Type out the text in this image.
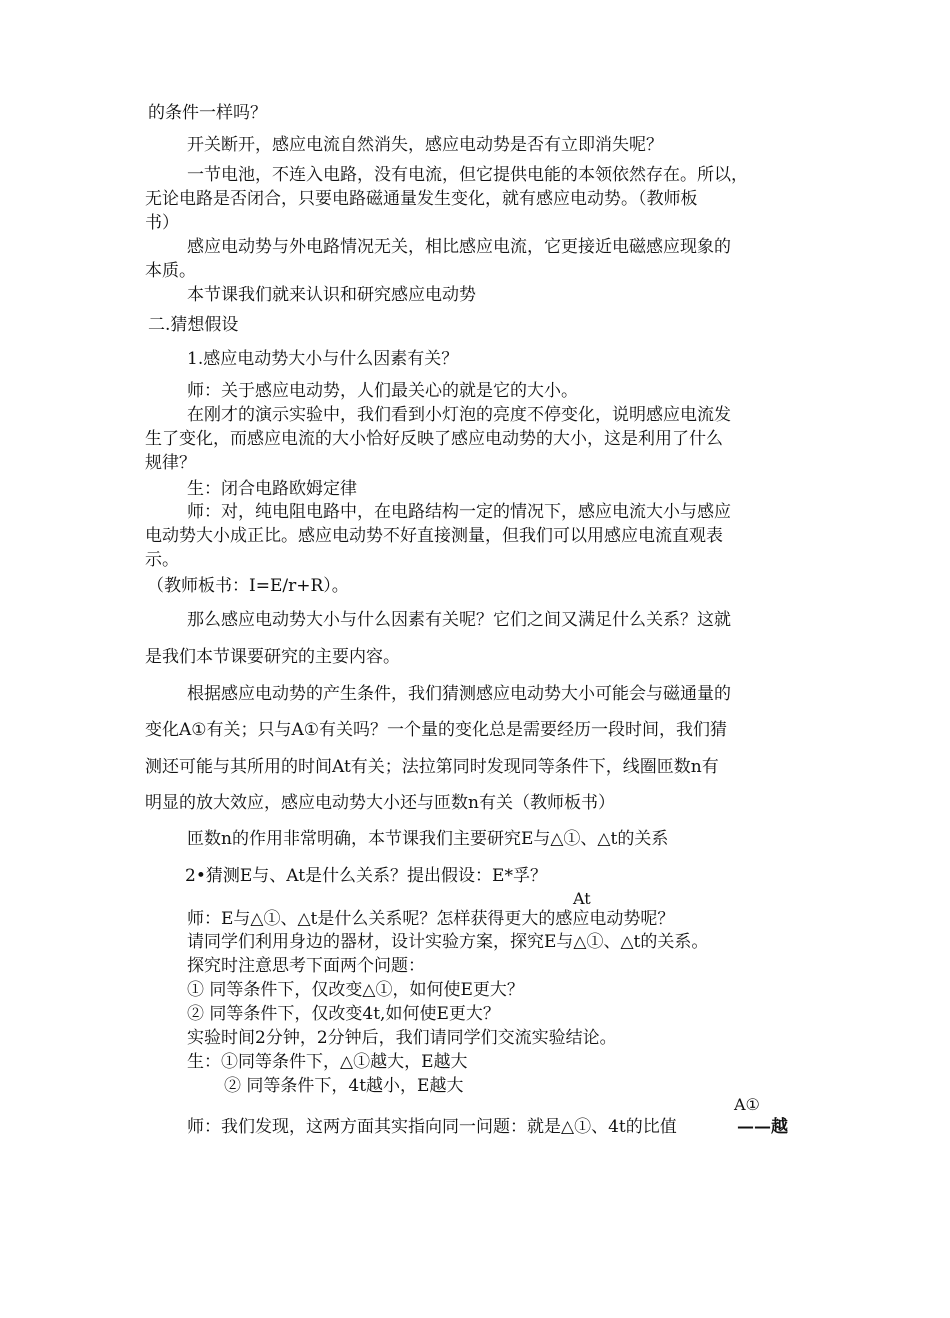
的条件一样吗？

开关断开，感应电流自然消失，感应电动势是否有立即消失呢？

一节电池，不连入电路，没有电流，但它提供电能的本领依然存在。所以，

无论电路是否闭合，只要电路磁通量发生变化，就有感应电动势。（教师板

书）

感应电动势与外电路情况无关，相比感应电流，它更接近电磁感应现象的

本质。

本节课我们就来认识和研究感应电动势

二.猜想假设

1.感应电动势大小与什么因素有关？

师：关于感应电动势，人们最关心的就是它的大小。

在刚才的演示实验中，我们看到小灯泡的亮度不停变化，说明感应电流发

生了变化，而感应电流的大小恰好反映了感应电动势的大小，这是利用了什么

规律？

生：闭合电路欧姆定律

师：对，纯电阻电路中，在电路结构一定的情况下，感应电流大小与感应

电动势大小成正比。感应电动势不好直接测量，但我们可以用感应电流直观表

示。

（教师板书：I=E/r+R）。

那么感应电动势大小与什么因素有关呢？它们之间又满足什么关系？这就

是我们本节课要研究的主要内容。

根据感应电动势的产生条件，我们猜测感应电动势大小可能会与磁通量的

变化A①有关；只与A①有关吗？一个量的变化总是需要经历一段时间，我们猜

测还可能与其所用的时间At有关；法拉第同时发现同等条件下，线圈匝数n有

明显的放大效应，感应电动势大小还与匝数n有关（教师板书）

匝数n的作用非常明确，本节课我们主要研究E与△①、△t的关系

2•猜测E与、At是什么关系？提出假设：E*孚？

At

师：E与△①、△t是什么关系呢？怎样获得更大的感应电动势呢？

请同学们利用身边的器材，设计实验方案，探究E与△①、△t的关系。

探究时注意思考下面两个问题：

① 同等条件下，仅改变△①，如何使E更大？

② 同等条件下，仅改变4t,如何使E更大？

实验时间2分钟，2分钟后，我们请同学们交流实验结论。

生：①同等条件下，△①越大，E越大

② 同等条件下，4t越小，E越大

A①

师：我们发现，这两方面其实指向同一问题：就是△①、4t的比值	——越
